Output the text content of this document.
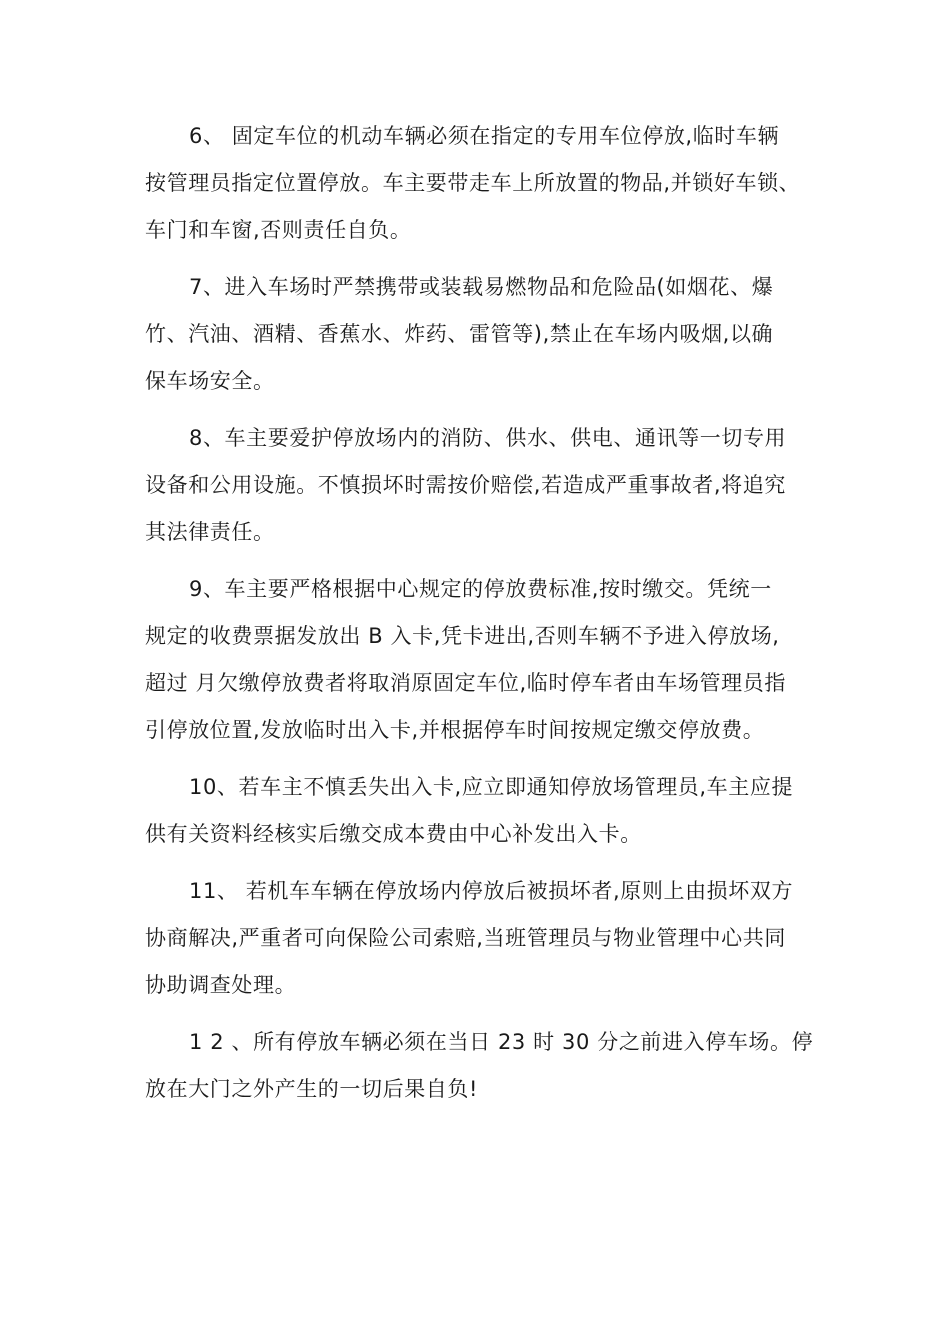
6、 固定车位的机动车辆必须在指定的专用车位停放,临时车辆
按管理员指定位置停放。车主要带走车上所放置的物品,并锁好车锁、
车门和车窗,否则责任自负。
7、进入车场时严禁携带或装载易燃物品和危险品(如烟花、爆
竹、汽油、酒精、香蕉水、炸药、雷管等),禁止在车场内吸烟,以确
保车场安全。
8、车主要爱护停放场内的消防、供水、供电、通讯等一切专用
设备和公用设施。不慎损坏时需按价赔偿,若造成严重事故者,将追究
其法律责任。
9、车主要严格根据中心规定的停放费标准,按时缴交。凭统一
规定的收费票据发放出 B 入卡,凭卡进出,否则车辆不予进入停放场,
超过 月欠缴停放费者将取消原固定车位,临时停车者由车场管理员指
引停放位置,发放临时出入卡,并根据停车时间按规定缴交停放费。
10、若车主不慎丢失出入卡,应立即通知停放场管理员,车主应提
供有关资料经核实后缴交成本费由中心补发出入卡。
11、 若机车车辆在停放场内停放后被损坏者,原则上由损坏双方
协商解决,严重者可向保险公司索赔,当班管理员与物业管理中心共同
协助调查处理。
1 2 、所有停放车辆必须在当日 23 时 30 分之前进入停车场。停
放在大门之外产生的一切后果自负!
